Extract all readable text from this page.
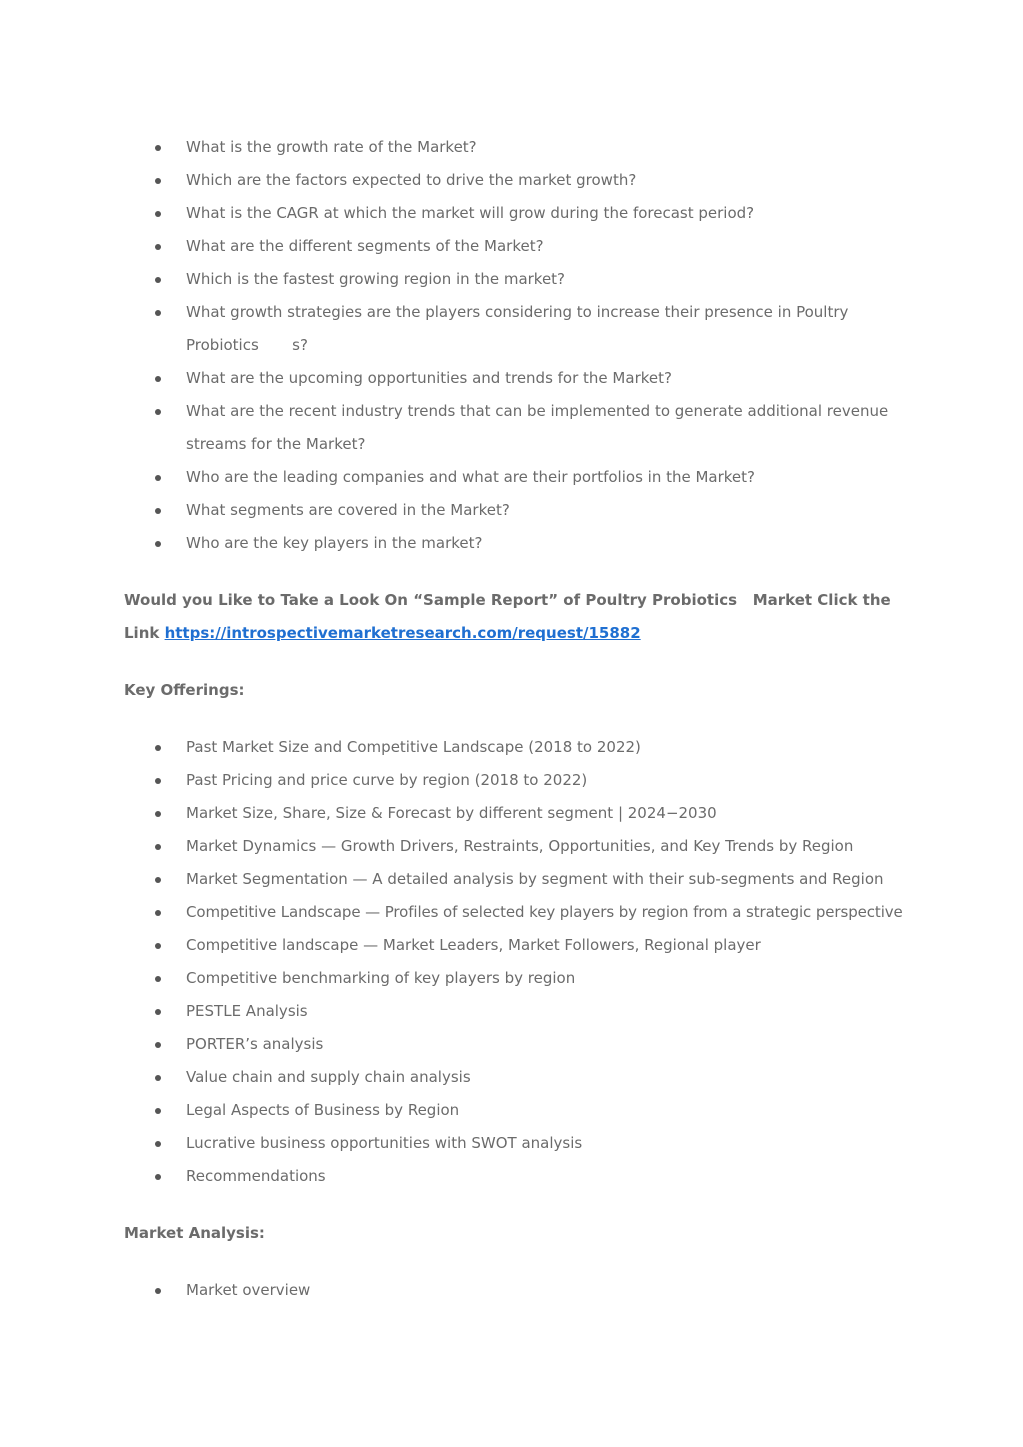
What is the growth rate of the Market?
Which are the factors expected to drive the market growth?
What is the CAGR at which the market will grow during the forecast period?
What are the different segments of the Market?
Which is the fastest growing region in the market?
What growth strategies are the players considering to increase their presence in Poultry Probiotics       s?
What are the upcoming opportunities and trends for the Market?
What are the recent industry trends that can be implemented to generate additional revenue streams for the Market?
Who are the leading companies and what are their portfolios in the Market?
What segments are covered in the Market?
Who are the key players in the market?
Would you Like to Take a Look On “Sample Report” of Poultry Probiotics   Market Click the Link https://introspectivemarketresearch.com/request/15882
Key Offerings:
Past Market Size and Competitive Landscape (2018 to 2022)
Past Pricing and price curve by region (2018 to 2022)
Market Size, Share, Size & Forecast by different segment | 2024−2030
Market Dynamics — Growth Drivers, Restraints, Opportunities, and Key Trends by Region
Market Segmentation — A detailed analysis by segment with their sub-segments and Region
Competitive Landscape — Profiles of selected key players by region from a strategic perspective
Competitive landscape — Market Leaders, Market Followers, Regional player
Competitive benchmarking of key players by region
PESTLE Analysis
PORTER’s analysis
Value chain and supply chain analysis
Legal Aspects of Business by Region
Lucrative business opportunities with SWOT analysis
Recommendations
Market Analysis:
Market overview
